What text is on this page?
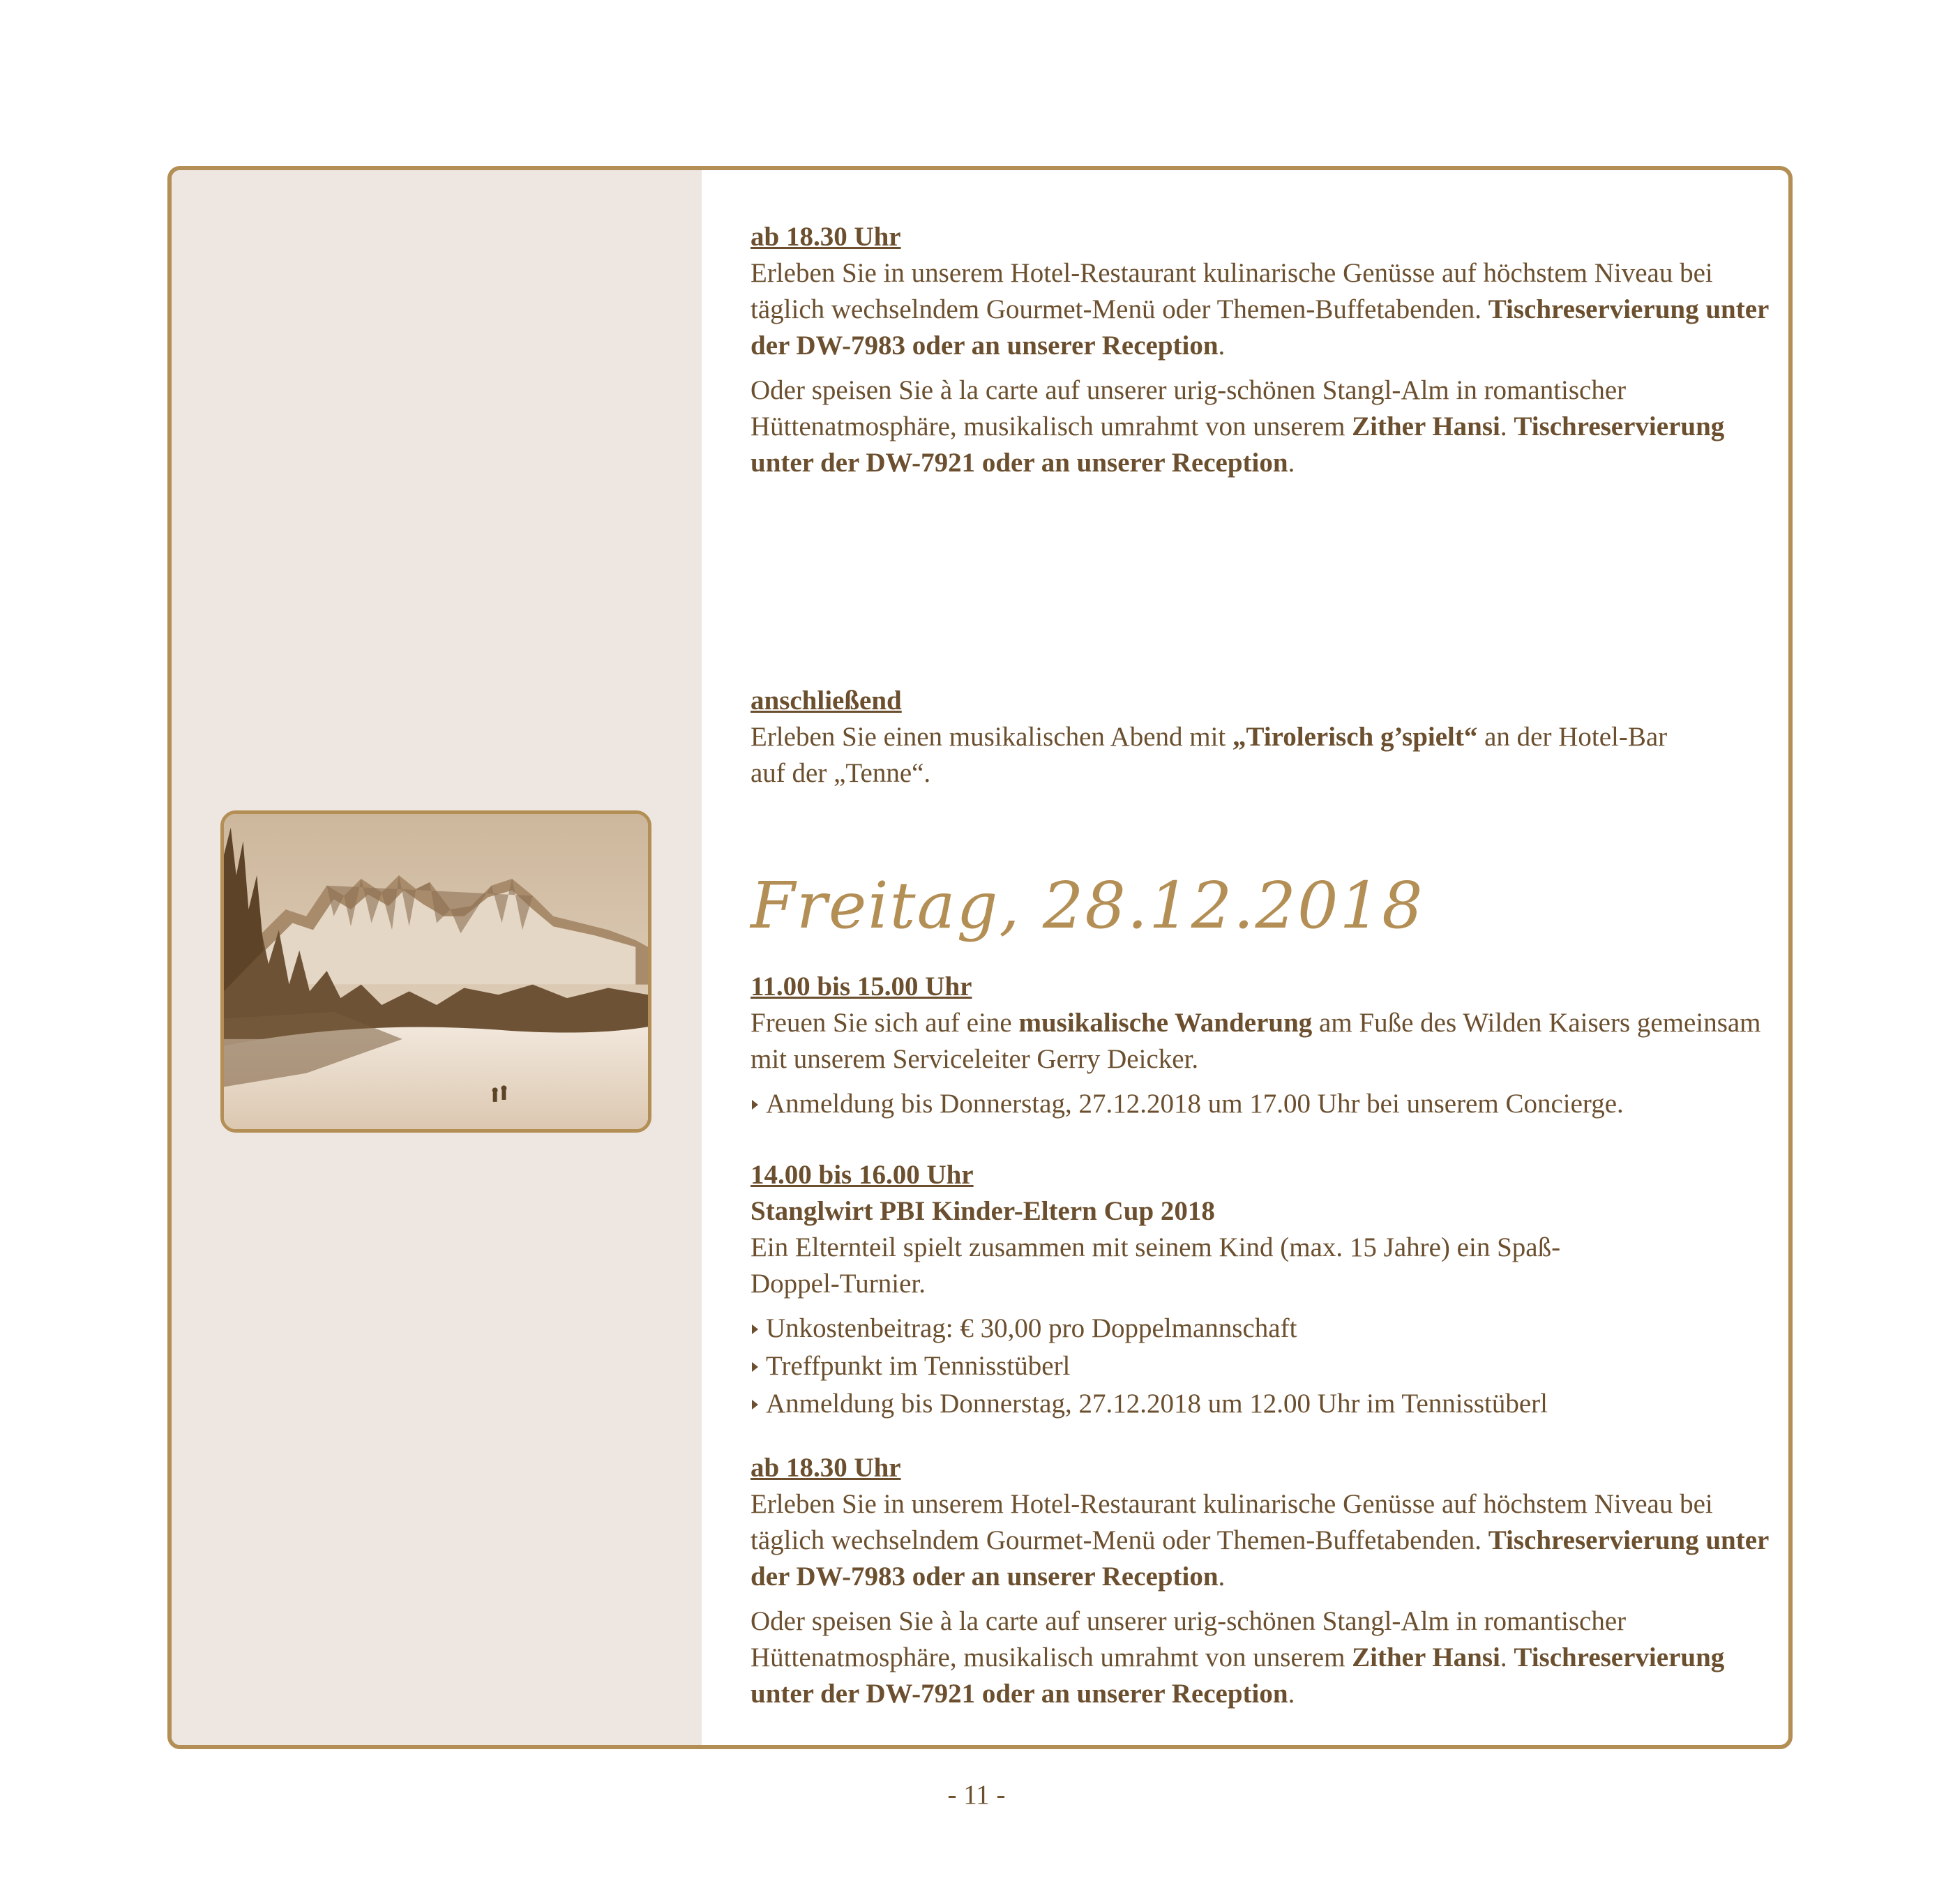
ab 18.30 Uhr

Erleben Sie in unserem Hotel-Restaurant kulinarische Genüsse auf höchstem Niveau bei täglich wechselndem Gourmet-Menü oder Themen-Buffetabenden. Tischreservierung unter der DW-7983 oder an unserer Reception.

Oder speisen Sie à la carte auf unserer urig-schönen Stangl-Alm in romantischer Hüttenatmosphäre, musikalisch umrahmt von unserem Zither Hansi. Tischreservierung unter der DW-7921 oder an unserer Reception.

anschließend

Erleben Sie einen musikalischen Abend mit „Tirolerisch g’spielt“ an der Hotel-Bar auf der „Tenne“.

Freitag, 28.12.2018

11.00 bis 15.00 Uhr

Freuen Sie sich auf eine musikalische Wanderung am Fuße des Wilden Kaisers gemeinsam mit unserem Serviceleiter Gerry Deicker.

Anmeldung bis Donnerstag, 27.12.2018 um 17.00 Uhr bei unserem Concierge.

14.00 bis 16.00 Uhr

Stanglwirt PBI Kinder-Eltern Cup 2018

Ein Elternteil spielt zusammen mit seinem Kind (max. 15 Jahre) ein Spaß-Doppel-Turnier.

Unkostenbeitrag: € 30,00 pro Doppelmannschaft

Treffpunkt im Tennisstüberl

Anmeldung bis Donnerstag, 27.12.2018 um 12.00 Uhr im Tennisstüberl

ab 18.30 Uhr

Erleben Sie in unserem Hotel-Restaurant kulinarische Genüsse auf höchstem Niveau bei täglich wechselndem Gourmet-Menü oder Themen-Buffetabenden. Tischreservierung unter der DW-7983 oder an unserer Reception.

Oder speisen Sie à la carte auf unserer urig-schönen Stangl-Alm in romantischer Hüttenatmosphäre, musikalisch umrahmt von unserem Zither Hansi. Tischreservierung unter der DW-7921 oder an unserer Reception.

- 11 -
